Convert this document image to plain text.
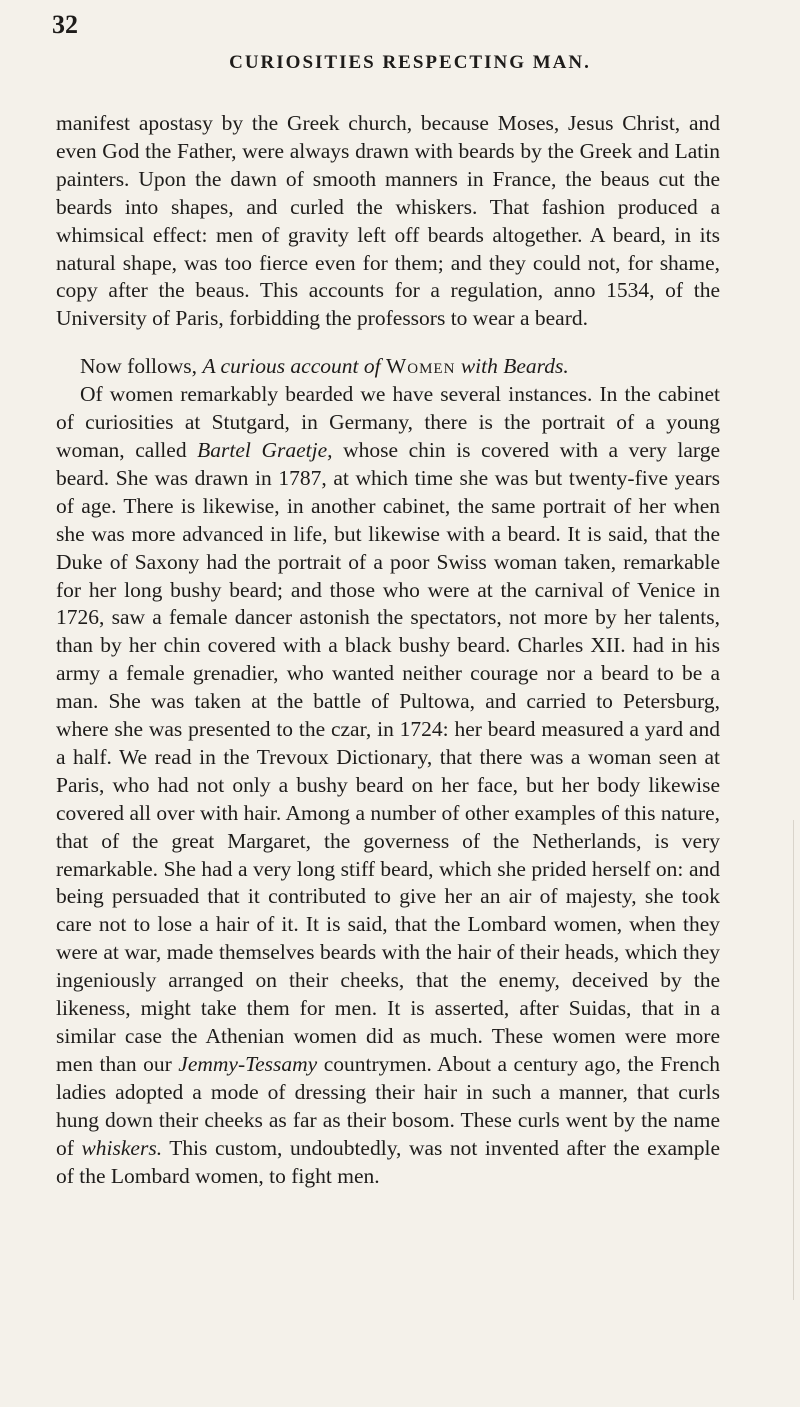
32
CURIOSITIES RESPECTING MAN.

manifest apostasy by the Greek church, because Moses, Jesus Christ, and even God the Father, were always drawn with beards by the Greek and Latin painters. Upon the dawn of smooth manners in France, the beaus cut the beards into shapes, and curled the whiskers. That fashion produced a whimsical effect: men of gravity left off beards altogether. A beard, in its natural shape, was too fierce even for them; and they could not, for shame, copy after the beaus. This accounts for a regulation, anno 1534, of the University of Paris, forbidding the professors to wear a beard.

Now follows, A curious account of Women with Beards.

Of women remarkably bearded we have several instances. In the cabinet of curiosities at Stutgard, in Germany, there is the portrait of a young woman, called Bartel Graetje, whose chin is covered with a very large beard. She was drawn in 1787, at which time she was but twenty-five years of age. There is likewise, in another cabinet, the same portrait of her when she was more advanced in life, but likewise with a beard. It is said, that the Duke of Saxony had the portrait of a poor Swiss woman taken, remarkable for her long bushy beard; and those who were at the carnival of Venice in 1726, saw a female dancer astonish the spectators, not more by her talents, than by her chin covered with a black bushy beard. Charles XII. had in his army a female grenadier, who wanted neither courage nor a beard to be a man. She was taken at the battle of Pultowa, and carried to Petersburg, where she was presented to the czar, in 1724: her beard measured a yard and a half. We read in the Trevoux Dictionary, that there was a woman seen at Paris, who had not only a bushy beard on her face, but her body likewise covered all over with hair. Among a number of other examples of this nature, that of the great Margaret, the governess of the Netherlands, is very remarkable. She had a very long stiff beard, which she prided herself on: and being persuaded that it contributed to give her an air of majesty, she took care not to lose a hair of it. It is said, that the Lombard women, when they were at war, made themselves beards with the hair of their heads, which they ingeniously arranged on their cheeks, that the enemy, deceived by the likeness, might take them for men. It is asserted, after Suidas, that in a similar case the Athenian women did as much. These women were more men than our Jemmy-Tessamy countrymen. About a century ago, the French ladies adopted a mode of dressing their hair in such a manner, that curls hung down their cheeks as far as their bosom. These curls went by the name of whiskers. This custom, undoubtedly, was not invented after the example of the Lombard women, to fight men.
